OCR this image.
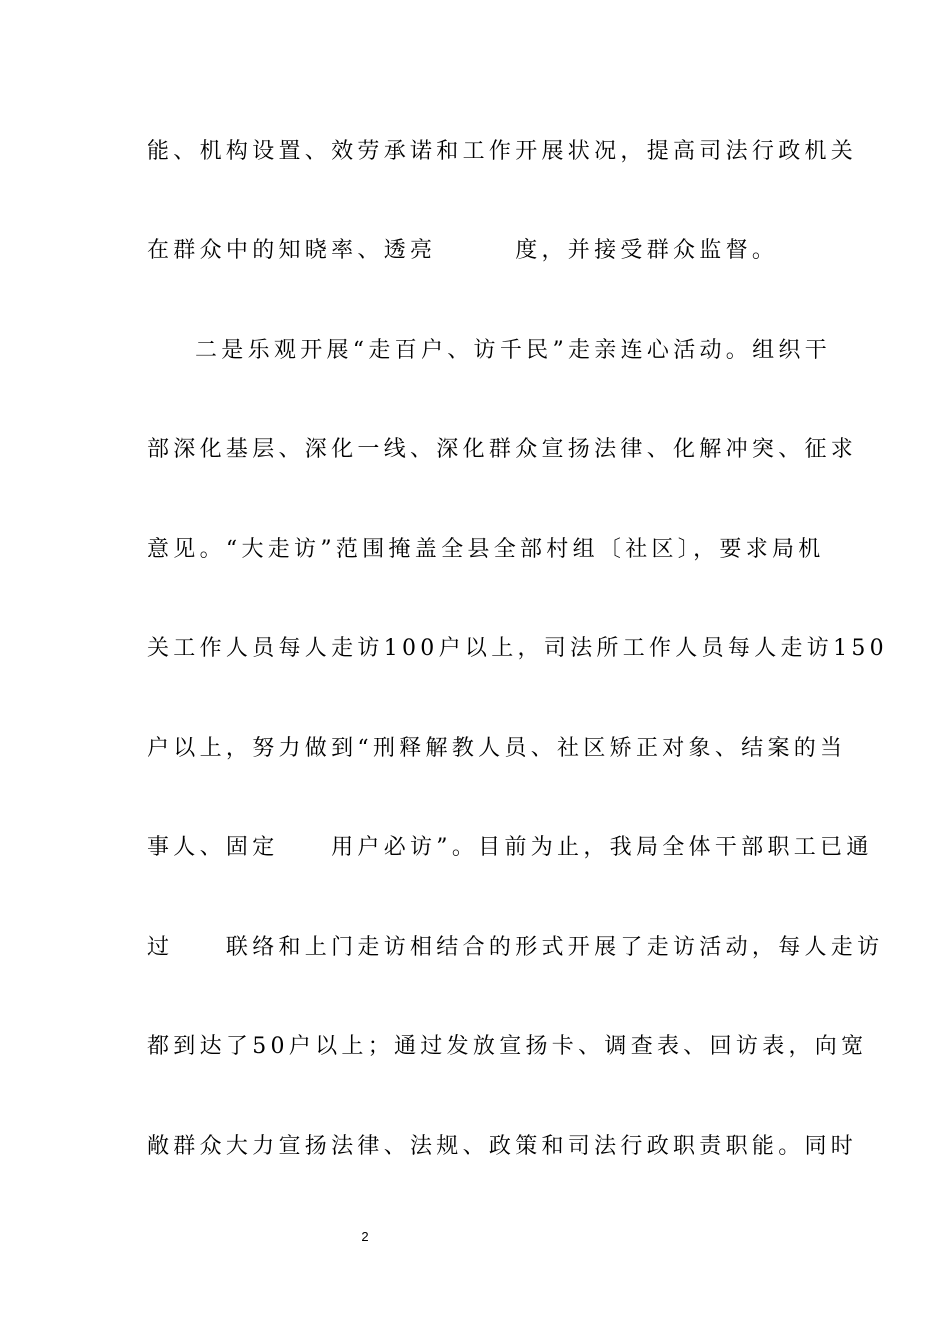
能、机构设置、效劳承诺和工作开展状况，提高司法行政机关
在群众中的知晓率、透亮　　　度，并接受群众监督。
二是乐观开展“走百户、访千民”走亲连心活动。组织干
部深化基层、深化一线、深化群众宣扬法律、化解冲突、征求
意见。“大走访”范围掩盖全县全部村组〔社区〕，要求局机
关工作人员每人走访100户以上，司法所工作人员每人走访150
户以上，努力做到“刑释解教人员、社区矫正对象、结案的当
事人、固定　　用户必访”。目前为止，我局全体干部职工已通
过　　联络和上门走访相结合的形式开展了走访活动，每人走访
都到达了50户以上；通过发放宣扬卡、调查表、回访表，向宽
敞群众大力宣扬法律、法规、政策和司法行政职责职能。同时
2
